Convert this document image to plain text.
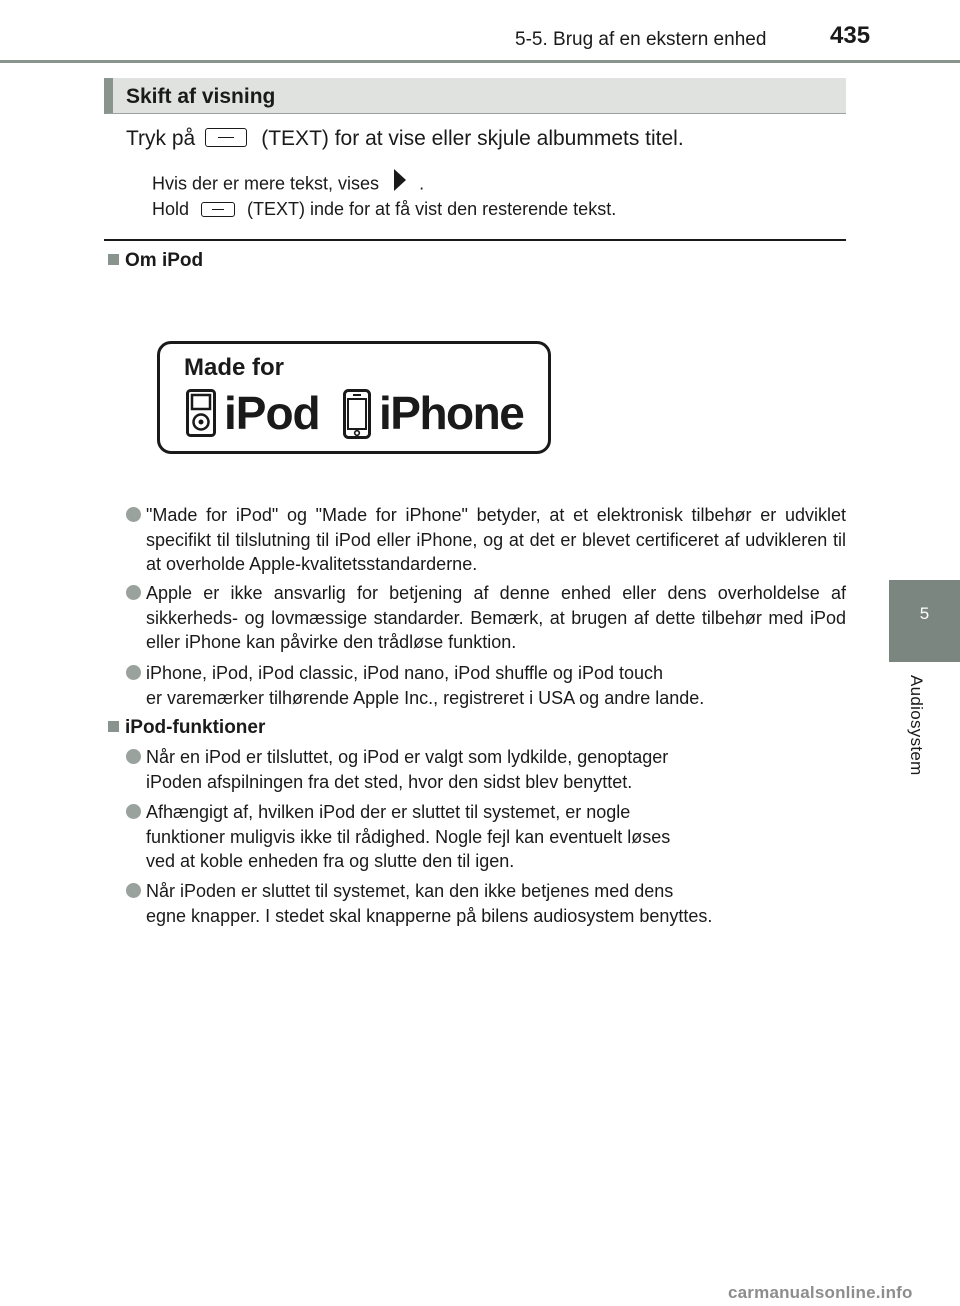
5-5. Brug af en ekstern enhed	435
5
Audiosystem
Skift af visning
Tryk på	(TEXT) for at vise eller skjule albummets titel.
Hvis der er mere tekst, vises .
Hold	(TEXT) inde for at få vist den resterende tekst.
Om iPod
Made for
iPod iPhone
"Made for iPod" og "Made for iPhone" betyder, at et elektronisk tilbehør er udviklet specifikt til tilslutning til iPod eller iPhone, og at det er blevet certificeret af udvikleren til at overholde Apple-kvalitetsstandarderne.
Apple er ikke ansvarlig for betjening af denne enhed eller dens overholdelse af sikkerheds- og lovmæssige standarder. Bemærk, at brugen af dette tilbehør med iPod eller iPhone kan påvirke den trådløse funktion.
iPhone, iPod, iPod classic, iPod nano, iPod shuffle og iPod touch
er varemærker tilhørende Apple Inc., registreret i USA og andre lande.
iPod-funktioner
Når en iPod er tilsluttet, og iPod er valgt som lydkilde, genoptager
iPoden afspilningen fra det sted, hvor den sidst blev benyttet.
Afhængigt af, hvilken iPod der er sluttet til systemet, er nogle
funktioner muligvis ikke til rådighed. Nogle fejl kan eventuelt løses
ved at koble enheden fra og slutte den til igen.
Når iPoden er sluttet til systemet, kan den ikke betjenes med dens
egne knapper. I stedet skal knapperne på bilens audiosystem benyttes.
carmanualsonline.info
